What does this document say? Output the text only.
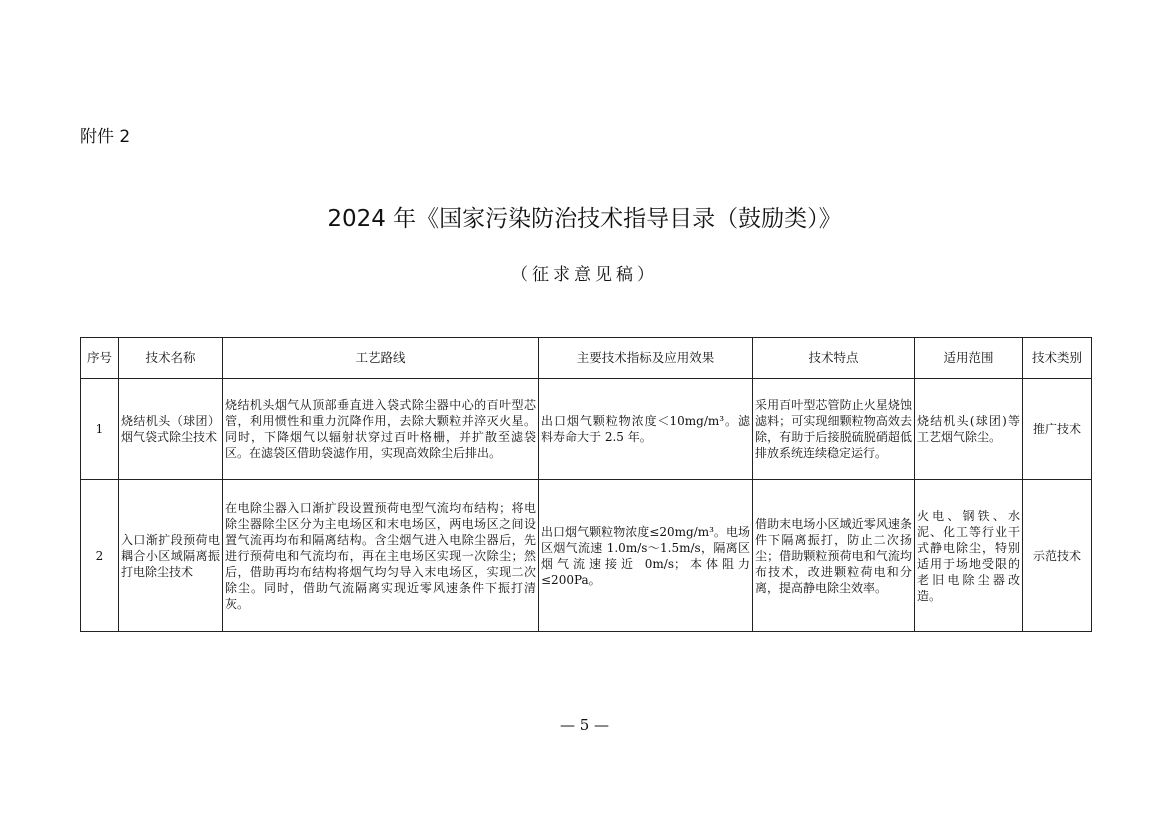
附件 2
2024 年《国家污染防治技术指导目录（鼓励类）》
（征求意见稿）
序号	技术名称	工艺路线	主要技术指标及应用效果	技术特点	适用范围	技术类别
1	烧结机头（球团）烟气袋式除尘技术	烧结机头烟气从顶部垂直进入袋式除尘器中心的百叶型芯管，利用惯性和重力沉降作用，去除大颗粒并淬灭火星。同时，下降烟气以辐射状穿过百叶格栅，并扩散至滤袋区。在滤袋区借助袋滤作用，实现高效除尘后排出。	出口烟气颗粒物浓度＜10mg/m³。滤料寿命大于 2.5 年。	采用百叶型芯管防止火星烧蚀滤料；可实现细颗粒物高效去除，有助于后接脱硫脱硝超低排放系统连续稳定运行。	烧结机头(球团)等工艺烟气除尘。	推广技术
2	入口渐扩段预荷电耦合小区域隔离振打电除尘技术	在电除尘器入口渐扩段设置预荷电型气流均布结构；将电除尘器除尘区分为主电场区和末电场区，两电场区之间设置气流再均布和隔离结构。含尘烟气进入电除尘器后，先进行预荷电和气流均布，再在主电场区实现一次除尘；然后，借助再均布结构将烟气均匀导入末电场区，实现二次除尘。同时，借助气流隔离实现近零风速条件下振打清灰。	出口烟气颗粒物浓度≤20mg/m³。电场区烟气流速 1.0m/s～1.5m/s，隔离区烟气流速接近 0m/s；本体阻力≤200Pa。	借助末电场小区域近零风速条件下隔离振打，防止二次扬尘；借助颗粒预荷电和气流均布技术，改进颗粒荷电和分离，提高静电除尘效率。	火电、钢铁、水泥、化工等行业干式静电除尘，特别适用于场地受限的老旧电除尘器改造。	示范技术
— 5 —
